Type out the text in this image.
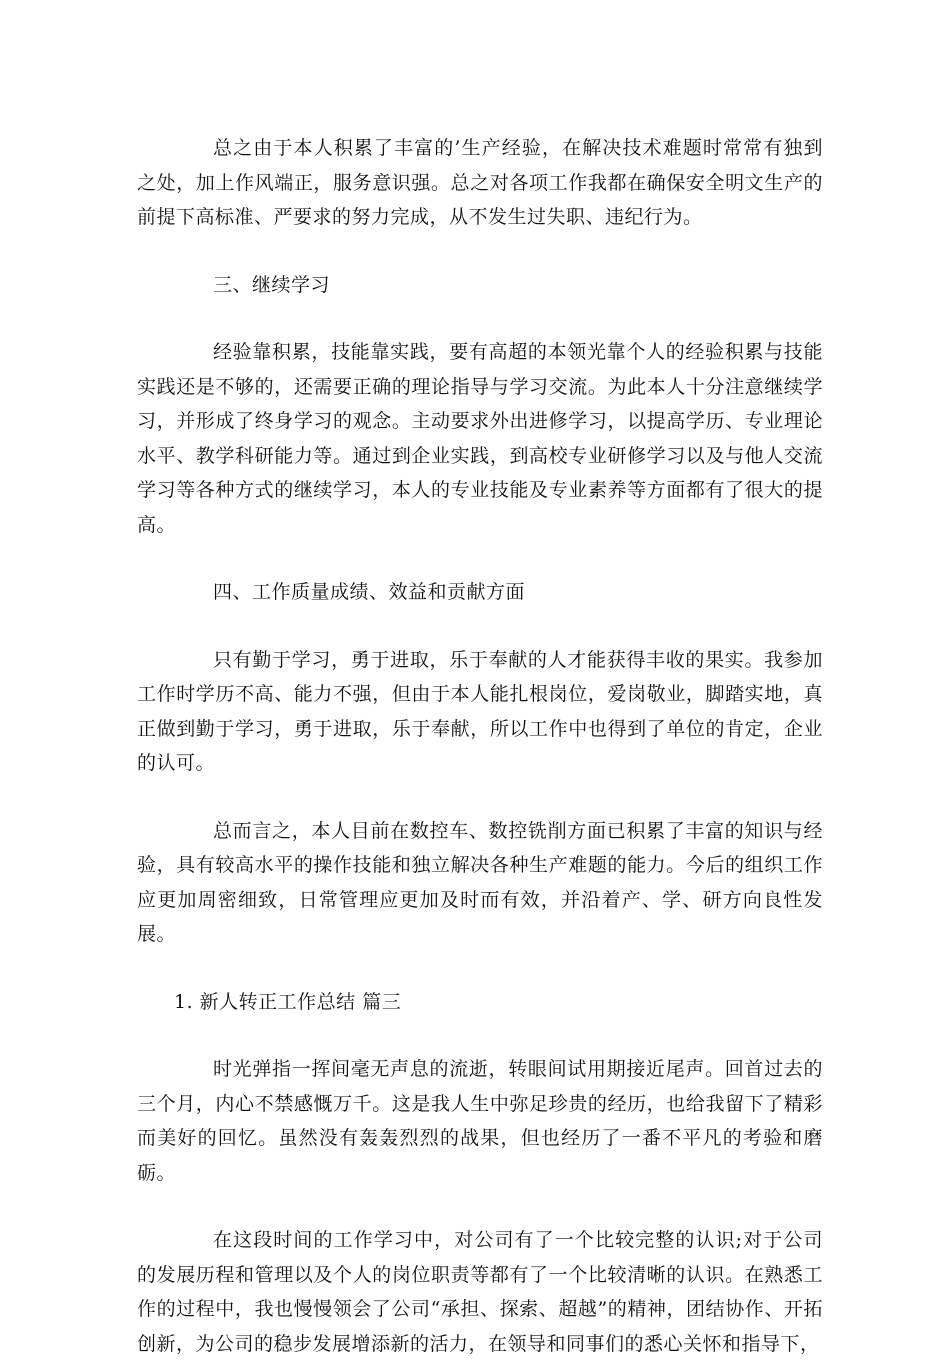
总之由于本人积累了丰富的’生产经验，在解决技术难题时常常有独到之处，加上作风端正，服务意识强。总之对各项工作我都在确保安全明文生产的前提下高标准、严要求的努力完成，从不发生过失职、违纪行为。

三、继续学习

经验靠积累，技能靠实践，要有高超的本领光靠个人的经验积累与技能实践还是不够的，还需要正确的理论指导与学习交流。为此本人十分注意继续学习，并形成了终身学习的观念。主动要求外出进修学习，以提高学历、专业理论水平、教学科研能力等。通过到企业实践，到高校专业研修学习以及与他人交流学习等各种方式的继续学习，本人的专业技能及专业素养等方面都有了很大的提高。

四、工作质量成绩、效益和贡献方面

只有勤于学习，勇于进取，乐于奉献的人才能获得丰收的果实。我参加工作时学历不高、能力不强，但由于本人能扎根岗位，爱岗敬业，脚踏实地，真正做到勤于学习，勇于进取，乐于奉献，所以工作中也得到了单位的肯定，企业的认可。

总而言之，本人目前在数控车、数控铣削方面已积累了丰富的知识与经验，具有较高水平的操作技能和独立解决各种生产难题的能力。今后的组织工作应更加周密细致，日常管理应更加及时而有效，并沿着产、学、研方向良性发展。

1. 新人转正工作总结 篇三

时光弹指一挥间毫无声息的流逝，转眼间试用期接近尾声。回首过去的三个月，内心不禁感慨万千。这是我人生中弥足珍贵的经历，也给我留下了精彩而美好的回忆。虽然没有轰轰烈烈的战果，但也经历了一番不平凡的考验和磨砺。

在这段时间的工作学习中，对公司有了一个比较完整的认识;对于公司的发展历程和管理以及个人的岗位职责等都有了一个比较清晰的认识。在熟悉工作的过程中，我也慢慢领会了公司“承担、探索、超越”的精神，团结协作、开拓创新，为公司的稳步发展增添新的活力，在领导和同事们的悉心关怀和指导下，
